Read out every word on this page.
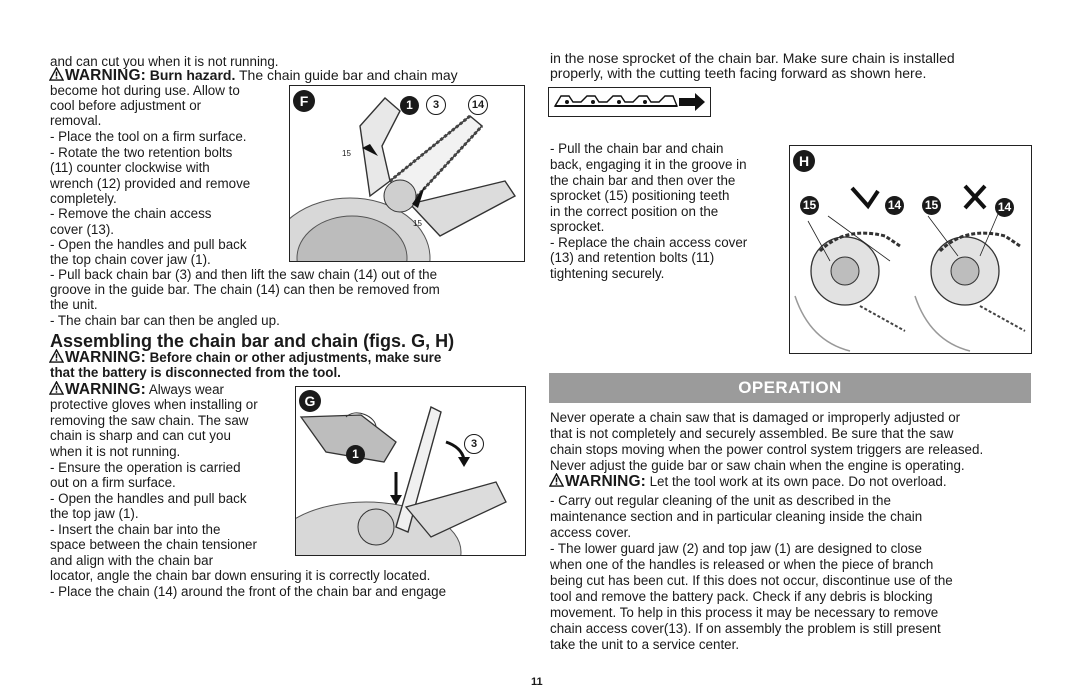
and can cut you when it is not running.

WARNING: Burn hazard. The chain guide bar and chain may

become hot during use. Allow to

cool before adjustment or

removal.

- Place the tool on a firm surface.

- Rotate the two retention bolts

(11) counter clockwise with

wrench (12) provided and remove

completely.

- Remove the chain access

cover (13).

- Open the handles and pull back

the top chain cover jaw (1).

- Pull back chain bar (3) and then lift the saw chain (14) out of the

groove in the guide bar. The chain (14) can then be removed from

the unit.

- The chain bar can then be angled up.

Assembling the chain bar and chain (figs. G, H)
WARNING: Before chain or other adjustments, make sure

that the battery is disconnected from the tool.

WARNING: Always wear

protective gloves when installing or

removing the saw chain. The saw

chain is sharp and can cut you

when it is not running.

- Ensure the operation is carried

out on a firm surface.

- Open the handles and pull back

the top jaw (1).

- Insert the chain bar into the

space between the chain tensioner

and align with the chain bar

locator, angle the chain bar down ensuring it is correctly located.

- Place the chain (14) around the front of the chain bar and engage

F	1	3	14
15
15
G
3
1

in the nose sprocket of the chain bar. Make sure chain is installed

properly, with the cutting teeth facing forward as shown here.

- Pull the chain bar and chain

back, engaging it in the groove in

the chain bar and then over the

sprocket (15) positioning teeth

in the correct position on the

sprocket.

- Replace the chain access cover

(13) and retention bolts (11)

tightening securely.

H
15	14 15	14
OPERATION

Never operate a chain saw that is damaged or improperly adjusted or

that is not completely and securely assembled. Be sure that the saw

chain stops moving when the power control system triggers are released.

Never adjust the guide bar or saw chain when the engine is operating.

WARNING: Let the tool work at its own pace. Do not overload.

- Carry out regular cleaning of the unit as described in the

maintenance section and in particular cleaning inside the chain

access cover.

- The lower guard jaw (2) and top jaw (1) are designed to close

when one of the handles is released or when the piece of branch

being cut has been cut. If this does not occur, discontinue use of the

tool and remove the battery pack. Check if any debris is blocking

movement. To help in this process it may be necessary to remove

chain access cover(13). If on assembly the problem is still present

take the unit to a service center.

11
